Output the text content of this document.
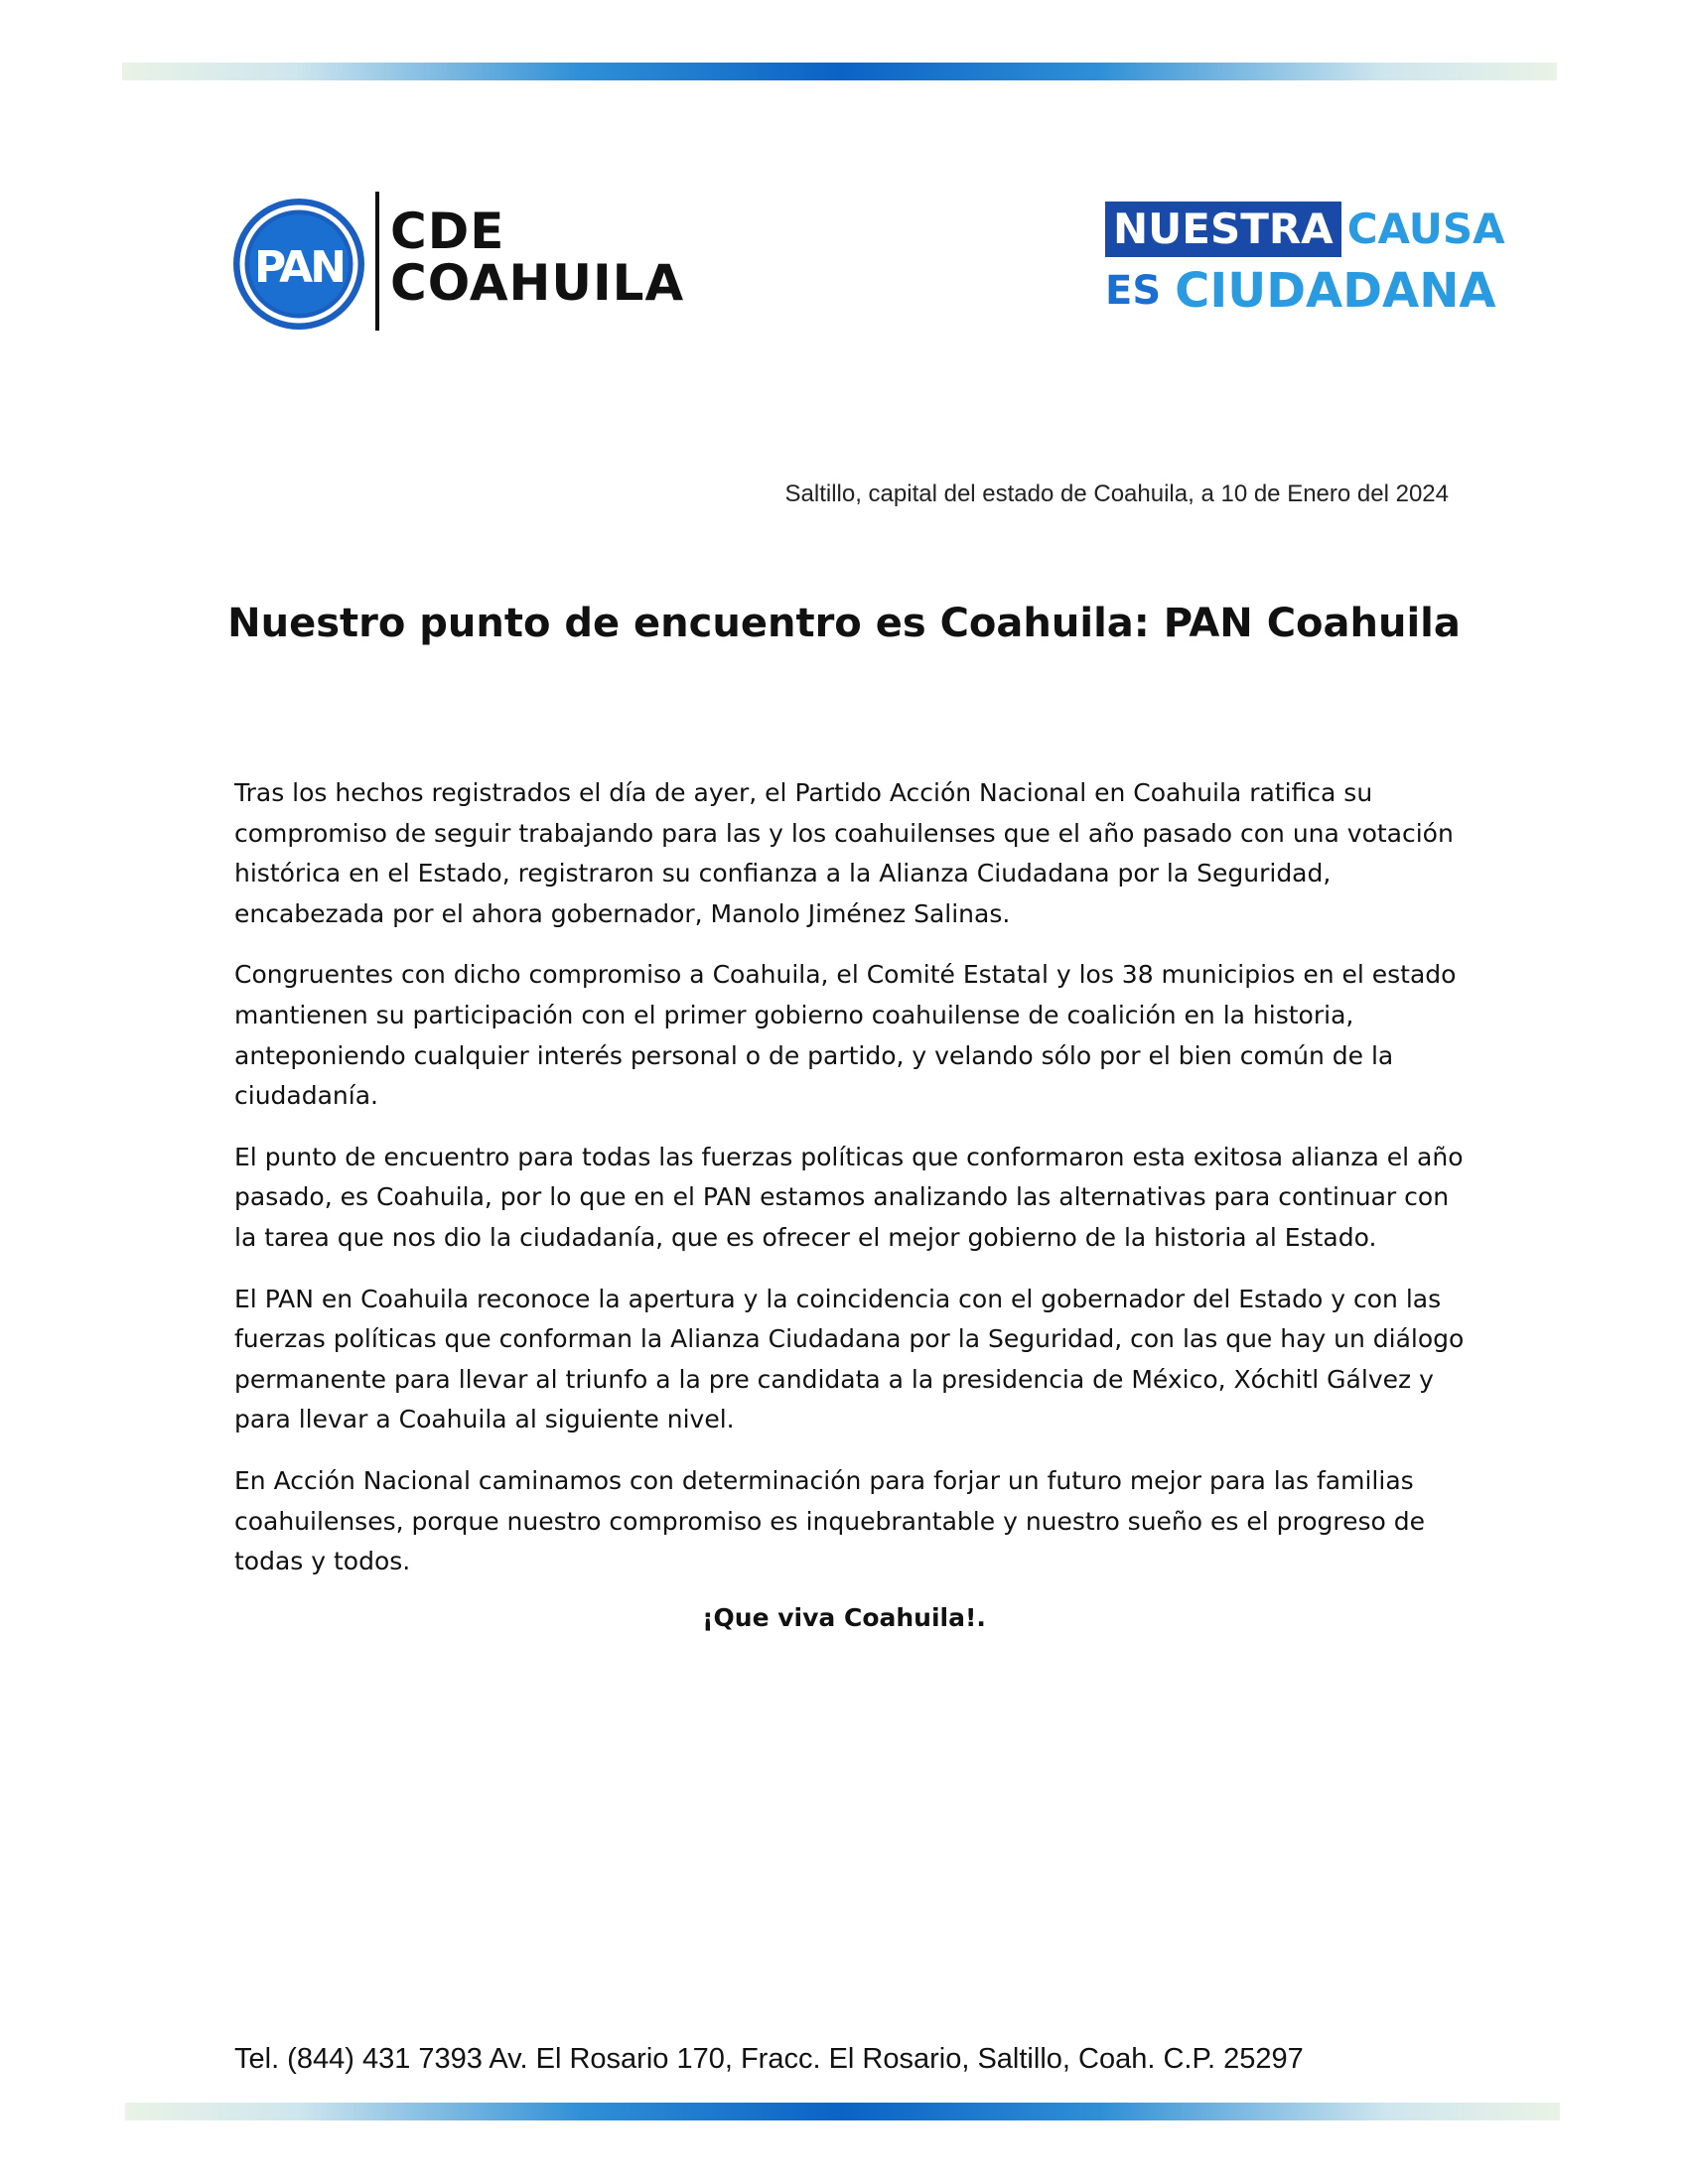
PAN
CDE
COAHUILA
NUESTRA CAUSA
ES CIUDADANA
Saltillo, capital del estado de Coahuila, a 10 de Enero del 2024
Nuestro punto de encuentro es Coahuila: PAN Coahuila

Tras los hechos registrados el día de ayer, el Partido Acción Nacional en Coahuila ratifica su compromiso de seguir trabajando para las y los coahuilenses que el año pasado con una votación histórica en el Estado, registraron su confianza a la Alianza Ciudadana por la Seguridad, encabezada por el ahora gobernador, Manolo Jiménez Salinas.

Congruentes con dicho compromiso a Coahuila, el Comité Estatal y los 38 municipios en el estado mantienen su participación con el primer gobierno coahuilense de coalición en la historia, anteponiendo cualquier interés personal o de partido, y velando sólo por el bien común de la ciudadanía.

El punto de encuentro para todas las fuerzas políticas que conformaron esta exitosa alianza el año pasado, es Coahuila, por lo que en el PAN estamos analizando las alternativas para continuar con la tarea que nos dio la ciudadanía, que es ofrecer el mejor gobierno de la historia al Estado.

El PAN en Coahuila reconoce la apertura y la coincidencia con el gobernador del Estado y con las fuerzas políticas que conforman la Alianza Ciudadana por la Seguridad, con las que hay un diálogo permanente para llevar al triunfo a la pre candidata a la presidencia de México, Xóchitl Gálvez y para llevar a Coahuila al siguiente nivel.

En Acción Nacional caminamos con determinación para forjar un futuro mejor para las familias coahuilenses, porque nuestro compromiso es inquebrantable y nuestro sueño es el progreso de todas y todos.

¡Que viva Coahuila!.
Tel. (844) 431 7393 Av. El Rosario 170, Fracc. El Rosario, Saltillo, Coah. C.P. 25297
